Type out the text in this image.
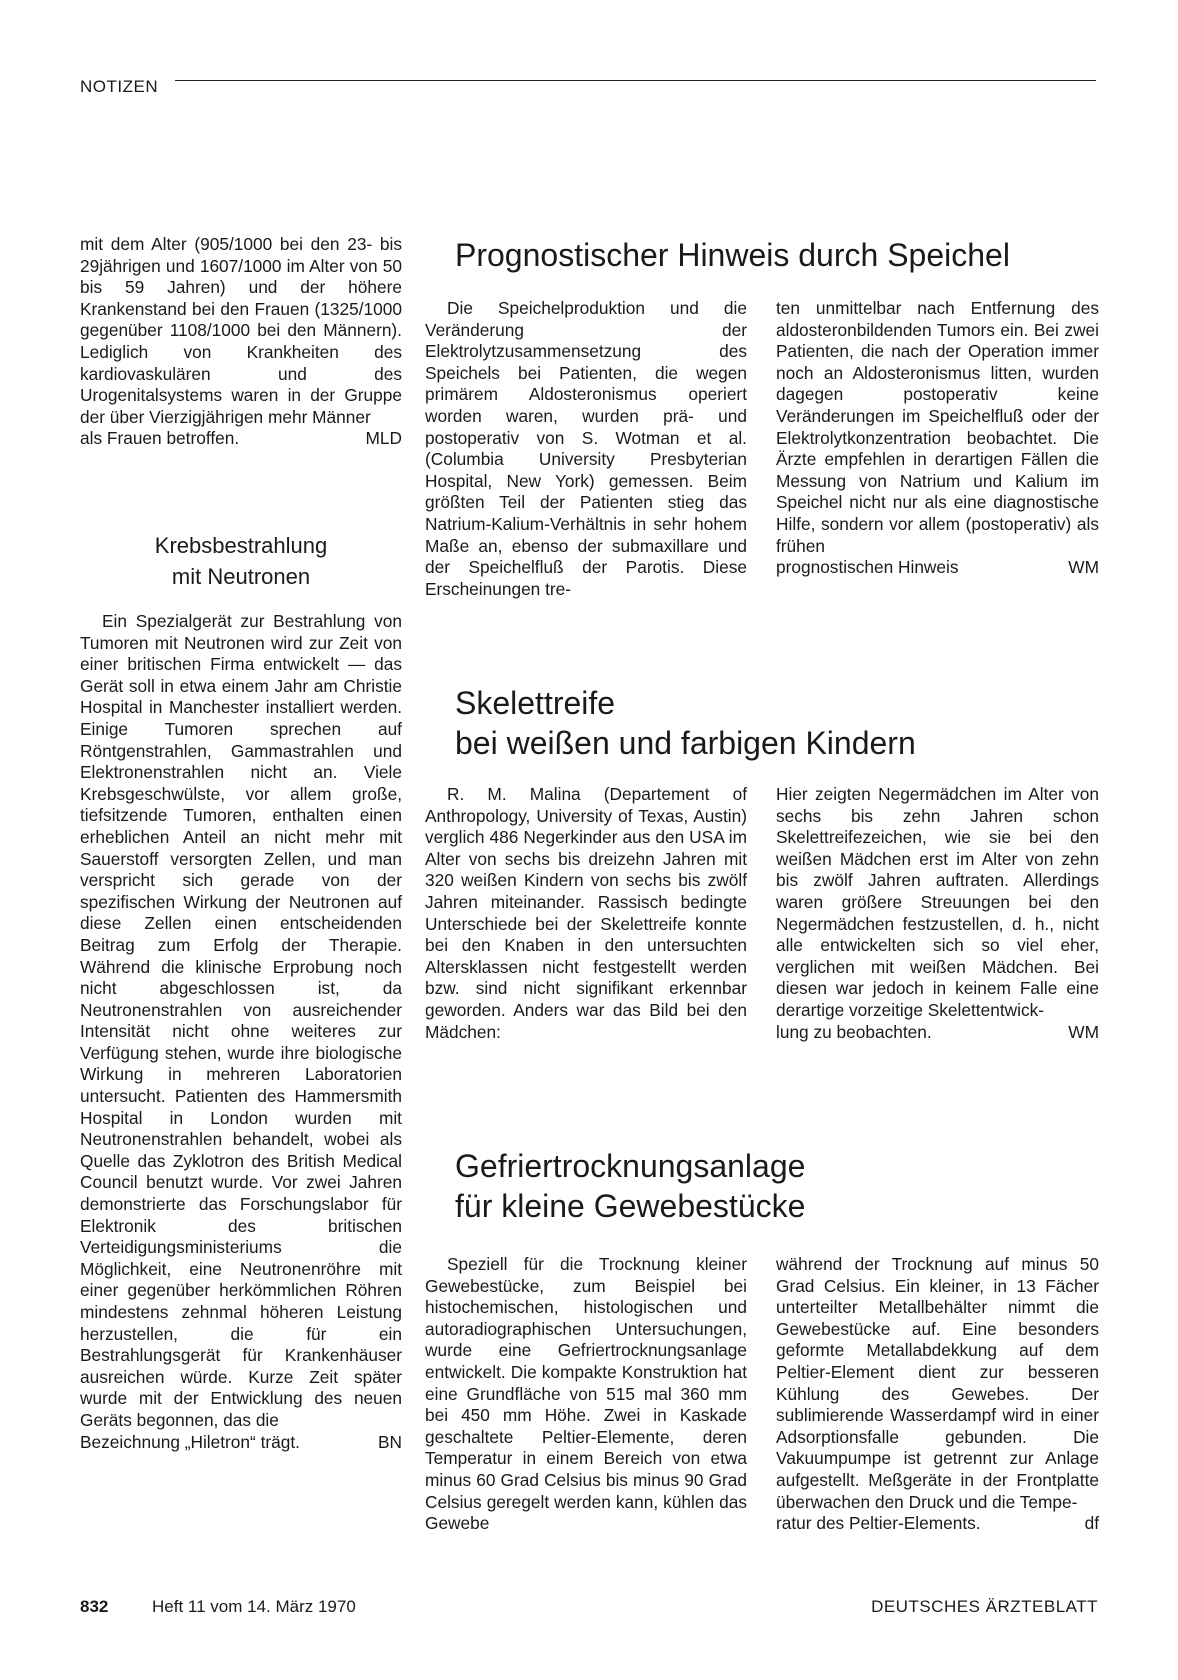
NOTIZEN

mit dem Alter (905/1000 bei den 23- bis 29jährigen und 1607/1000 im Alter von 50 bis 59 Jahren) und der höhere Krankenstand bei den Frauen (1325/1000 gegenüber 1108/1000 bei den Männern). Lediglich von Krankheiten des kardiovaskulären und des Urogenitalsystems waren in der Gruppe der über Vierzigjährigen mehr Männer

als Frauen betroffen.	MLD

Krebsbestrahlung

mit Neutronen

Ein Spezialgerät zur Bestrahlung von Tumoren mit Neutronen wird zur Zeit von einer britischen Firma entwickelt — das Gerät soll in etwa einem Jahr am Christie Hospital in Manchester installiert werden. Einige Tumoren sprechen auf Röntgenstrahlen, Gammastrahlen und Elektronenstrahlen nicht an. Viele Krebsgeschwülste, vor allem große, tiefsitzende Tumoren, enthalten einen erheblichen Anteil an nicht mehr mit Sauerstoff versorgten Zellen, und man verspricht sich gerade von der spezifischen Wirkung der Neutronen auf diese Zellen einen entscheidenden Beitrag zum Erfolg der Therapie. Während die klinische Erprobung noch nicht abgeschlossen ist, da Neutronenstrahlen von ausreichender Intensität nicht ohne weiteres zur Verfügung stehen, wurde ihre biologische Wirkung in mehreren Laboratorien untersucht. Patienten des Hammersmith Hospital in London wurden mit Neutronenstrahlen behandelt, wobei als Quelle das Zyklotron des British Medical Council benutzt wurde. Vor zwei Jahren demonstrierte das Forschungslabor für Elektronik des britischen Verteidigungsministeriums die Möglichkeit, eine Neutronenröhre mit einer gegenüber herkömmlichen Röhren mindestens zehnmal höheren Leistung herzustellen, die für ein Bestrahlungsgerät für Krankenhäuser ausreichen würde. Kurze Zeit später wurde mit der Entwicklung des neuen Geräts begonnen, das die

Bezeichnung „Hiletron“ trägt.	BN

Prognostischer Hinweis durch Speichel

Die Speichelproduktion und die Veränderung der Elektrolytzusammensetzung des Speichels bei Patienten, die wegen primärem Aldosteronismus operiert worden waren, wurden prä- und postoperativ von S. Wotman et al. (Columbia University Presbyterian Hospital, New York) gemessen. Beim größten Teil der Patienten stieg das Natrium-Kalium-Verhältnis in sehr hohem Maße an, ebenso der submaxillare und der Speichelfluß der Parotis. Diese Erscheinungen tre-

ten unmittelbar nach Entfernung des aldosteronbildenden Tumors ein. Bei zwei Patienten, die nach der Operation immer noch an Aldosteronismus litten, wurden dagegen postoperativ keine Veränderungen im Speichelfluß oder der Elektrolytkonzentration beobachtet. Die Ärzte empfehlen in derartigen Fällen die Messung von Natrium und Kalium im Speichel nicht nur als eine diagnostische Hilfe, sondern vor allem (postoperativ) als frühen

prognostischen Hinweis	WM

Skelettreife

bei weißen und farbigen Kindern

R. M. Malina (Departement of Anthropology, University of Texas, Austin) verglich 486 Negerkinder aus den USA im Alter von sechs bis dreizehn Jahren mit 320 weißen Kindern von sechs bis zwölf Jahren miteinander. Rassisch bedingte Unterschiede bei der Skelettreife konnte bei den Knaben in den untersuchten Altersklassen nicht festgestellt werden bzw. sind nicht signifikant erkennbar geworden. Anders war das Bild bei den Mädchen:

Hier zeigten Negermädchen im Alter von sechs bis zehn Jahren schon Skelettreifezeichen, wie sie bei den weißen Mädchen erst im Alter von zehn bis zwölf Jahren auftraten. Allerdings waren größere Streuungen bei den Negermädchen festzustellen, d. h., nicht alle entwickelten sich so viel eher, verglichen mit weißen Mädchen. Bei diesen war jedoch in keinem Falle eine derartige vorzeitige Skelettentwick-

lung zu beobachten.	WM

Gefriertrocknungsanlage

für kleine Gewebestücke

Speziell für die Trocknung kleiner Gewebestücke, zum Beispiel bei histochemischen, histologischen und autoradiographischen Untersuchungen, wurde eine Gefriertrocknungsanlage entwickelt. Die kompakte Konstruktion hat eine Grundfläche von 515 mal 360 mm bei 450 mm Höhe. Zwei in Kaskade geschaltete Peltier-Elemente, deren Temperatur in einem Bereich von etwa minus 60 Grad Celsius bis minus 90 Grad Celsius geregelt werden kann, kühlen das Gewebe

während der Trocknung auf minus 50 Grad Celsius. Ein kleiner, in 13 Fächer unterteilter Metallbehälter nimmt die Gewebestücke auf. Eine besonders geformte Metallabdekkung auf dem Peltier-Element dient zur besseren Kühlung des Gewebes. Der sublimierende Wasserdampf wird in einer Adsorptionsfalle gebunden. Die Vakuumpumpe ist getrennt zur Anlage aufgestellt. Meßgeräte in der Frontplatte überwachen den Druck und die Tempe-

ratur des Peltier-Elements.	df

832	Heft 11 vom 14. März 1970	DEUTSCHES ÄRZTEBLATT
